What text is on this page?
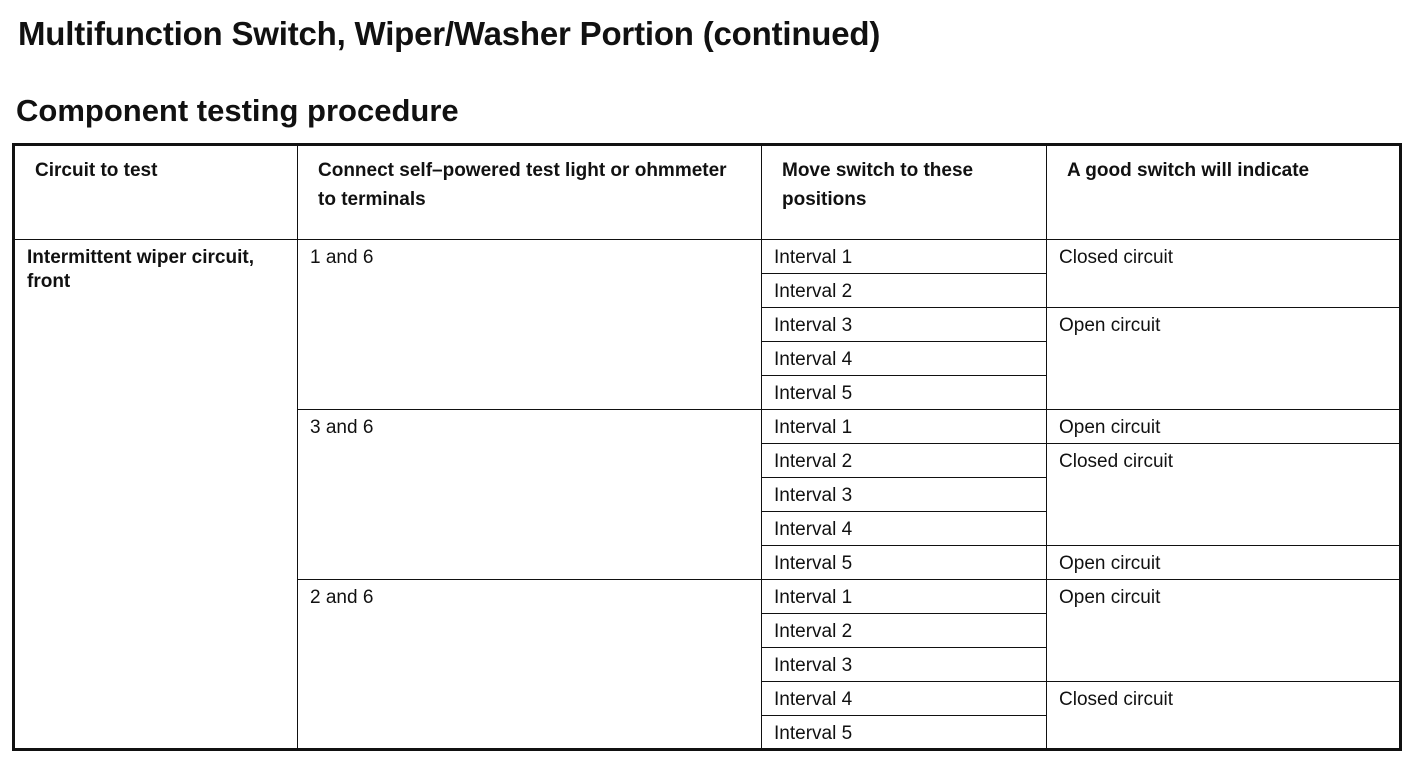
Multifunction Switch, Wiper/Washer Portion (continued)
Component testing procedure
Circuit to test	Connect self–powered test light or ohmmeter to terminals	Move switch to these positions	A good switch will indicate
Intermittent wiper circuit, front	1 and 6	Interval 1	Closed circuit
		Interval 2	
		Interval 3	Open circuit
		Interval 4	
		Interval 5	
	3 and 6	Interval 1	Open circuit
		Interval 2	Closed circuit
		Interval 3	
		Interval 4	
		Interval 5	Open circuit
	2 and 6	Interval 1	Open circuit
		Interval 2	
		Interval 3	
		Interval 4	Closed circuit
		Interval 5	
